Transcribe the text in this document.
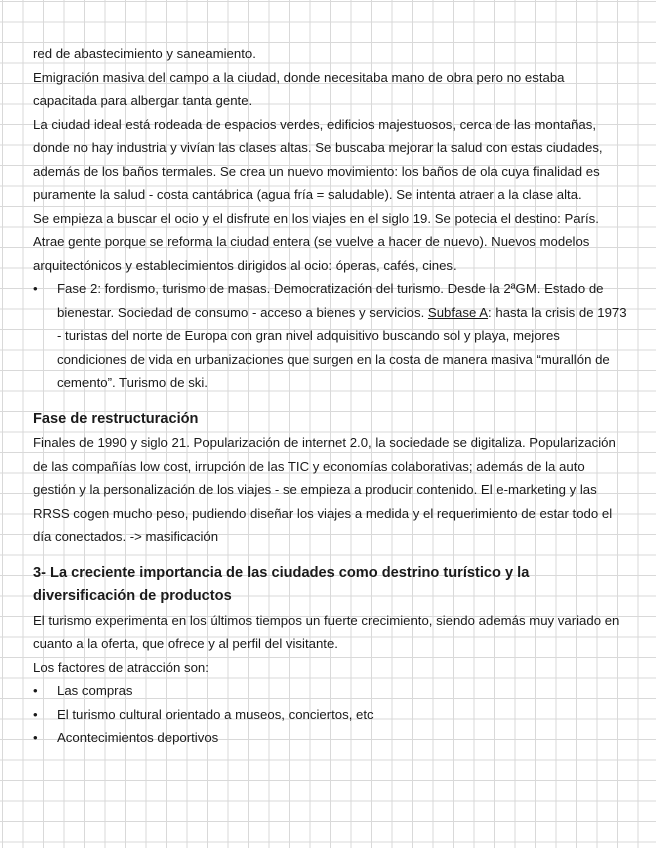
red de abastecimiento y saneamiento.

Emigración masiva del campo a la ciudad, donde necesitaba mano de obra pero no estaba capacitada para albergar tanta gente.

La ciudad ideal está rodeada de espacios verdes, edificios majestuosos, cerca de las montañas, donde no hay industria y vivían las clases altas. Se buscaba mejorar la salud con estas ciudades, además de los baños termales. Se crea un nuevo movimiento: los baños de ola cuya finalidad es puramente la salud - costa cantábrica (agua fría = saludable). Se intenta atraer a la clase alta.

Se empieza a buscar el ocio y el disfrute en los viajes en el siglo 19. Se potecia el destino: París. Atrae gente porque se reforma la ciudad entera (se vuelve a hacer de nuevo). Nuevos modelos arquitectónicos y establecimientos dirigidos al ocio: óperas, cafés, cines.

• Fase 2: fordismo, turismo de masas. Democratización del turismo. Desde la 2ªGM. Estado de bienestar. Sociedad de consumo - acceso a bienes y servicios. Subfase A: hasta la crisis de 1973 - turistas del norte de Europa con gran nivel adquisitivo buscando sol y playa, mejores condiciones de vida en urbanizaciones que surgen en la costa de manera masiva “murallón de cemento”. Turismo de ski.
Fase de restructuración

Finales de 1990 y siglo 21. Popularización de internet 2.0, la sociedade se digitaliza. Popularización de las compañías low cost, irrupción de las TIC y economías colaborativas; además de la auto gestión y la personalización de los viajes - se empieza a producir contenido. El e-marketing y las RRSS cogen mucho peso, pudiendo diseñar los viajes a medida y el requerimiento de estar todo el día conectados. -> masificación

3- La creciente importancia de las ciudades como destrino turístico y la diversificación de productos

El turismo experimenta en los últimos tiempos un fuerte crecimiento, siendo además muy variado en cuanto a la oferta, que ofrece y al perfil del visitante.

Los factores de atracción son:

• Las compras
• El turismo cultural orientado a museos, conciertos, etc
• Acontecimientos deportivos
